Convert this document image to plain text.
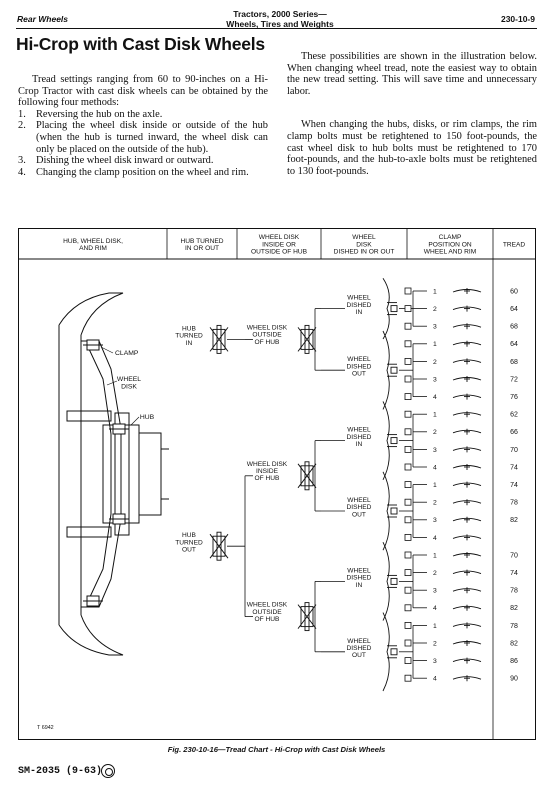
Rear Wheels	Tractors, 2000 Series—
Wheels, Tires and Weights	230-10-9
Hi-Crop with Cast Disk Wheels

Tread settings ranging from 60 to 90-inches on a Hi-Crop Tractor with cast disk wheels can be obtained by the following four methods:

1. Reversing the hub on the axle.
2. Placing the wheel disk inside or outside of the hub (when the hub is turned inward, the wheel disk can only be placed on the outside of the hub).
3. Dishing the wheel disk inward or outward.
4. Changing the clamp position on the wheel and rim.

These possibilities are shown in the illustration below. When changing wheel tread, note the easiest way to obtain the new tread setting. This will save time and unnecessary labor.

When changing the hubs, disks, or rim clamps, the rim clamp bolts must be retightened to 150 foot-pounds, the cast wheel disk to hub bolts must be retightened to 170 foot-pounds, and the hub-to-axle bolts must be retightened to 130 foot-pounds.

HUB, WHEEL DISK, AND RIM
HUB TURNED IN OR OUT
WHEEL DISK INSIDE OR OUTSIDE OF HUB
WHEEL DISK DISHED IN OR OUT
CLAMP POSITION ON WHEEL AND RIM
TREAD
CLAMP
WHEEL DISK
HUB
T 6942
WHEEL DISHED IN
1	60
2	64
3	68
WHEEL DISHED OUT
1	64
2	68
3	72
4	76
WHEEL DISK OUTSIDE OF HUB
WHEEL DISHED IN
1	62
2	66
3	70
4	74
WHEEL DISHED OUT
1	74
2	78
3	82
4
WHEEL DISK INSIDE OF HUB
WHEEL DISHED IN
1	70
2	74
3	78
4	82
WHEEL DISHED OUT
1	78
2	82
3	86
4	90
WHEEL DISK OUTSIDE OF HUB
HUB TURNED IN
HUB TURNED OUT
Fig. 230-10-16—Tread Chart - Hi-Crop with Cast Disk Wheels
SM-2035 (9-63)
